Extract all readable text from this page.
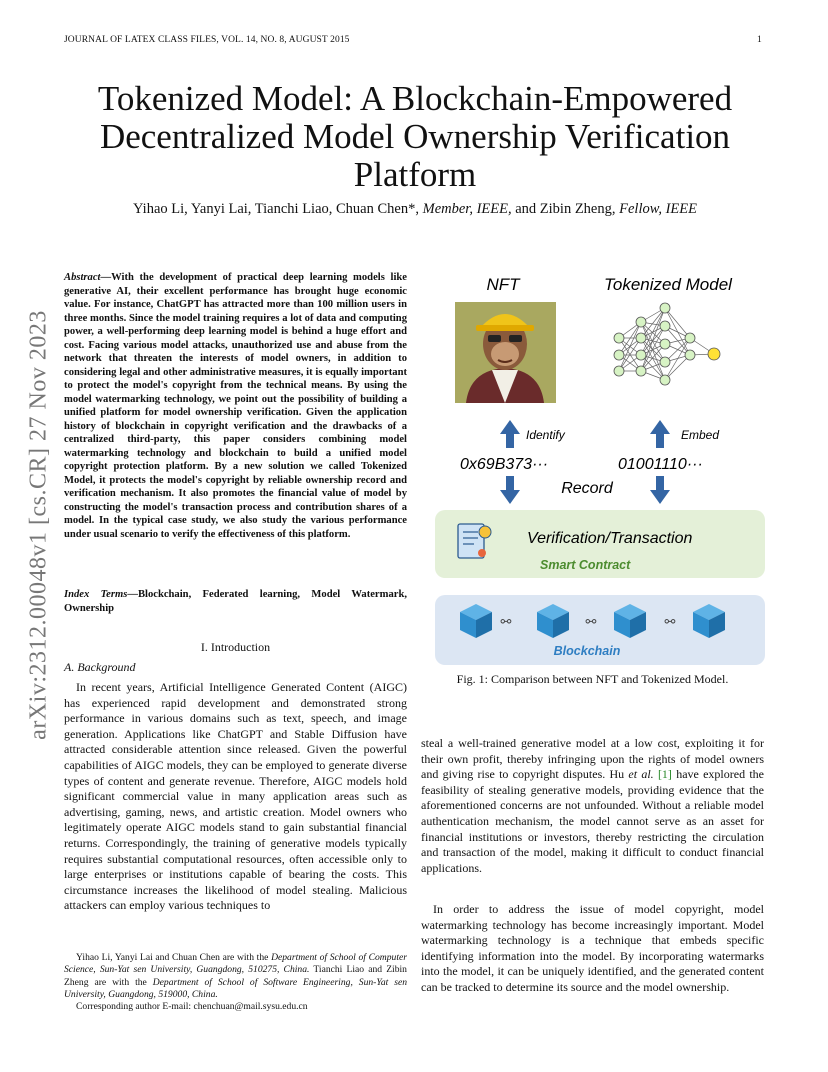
JOURNAL OF LATEX CLASS FILES, VOL. 14, NO. 8, AUGUST 2015	1
Tokenized Model: A Blockchain-Empowered Decentralized Model Ownership Verification Platform
Yihao Li, Yanyi Lai, Tianchi Liao, Chuan Chen*, Member, IEEE, and Zibin Zheng, Fellow, IEEE
arXiv:2312.00048v1 [cs.CR] 27 Nov 2023
Abstract—With the development of practical deep learning models like generative AI, their excellent performance has brought huge economic value. For instance, ChatGPT has attracted more than 100 million users in three months. Since the model training requires a lot of data and computing power, a well-performing deep learning model is behind a huge effort and cost. Facing various model attacks, unauthorized use and abuse from the network that threaten the interests of model owners, in addition to considering legal and other administrative measures, it is equally important to protect the model's copyright from the technical means. By using the model watermarking technology, we point out the possibility of building a unified platform for model ownership verification. Given the application history of blockchain in copyright verification and the drawbacks of a centralized third-party, this paper considers combining model watermarking technology and blockchain to build a unified model copyright protection platform. By a new solution we called Tokenized Model, it protects the model's copyright by reliable ownership record and verification mechanism. It also promotes the financial value of model by constructing the model's transaction process and contribution shares of a model. In the typical case study, we also study the various performance under usual scenario to verify the effectiveness of this platform.
Index Terms—Blockchain, Federated learning, Model Watermark, Ownership
I. Introduction
A. Background
In recent years, Artificial Intelligence Generated Content (AIGC) has experienced rapid development and demonstrated strong performance in various domains such as text, speech, and image generation. Applications like ChatGPT and Stable Diffusion have attracted considerable attention since released. Given the powerful capabilities of AIGC models, they can be employed to generate diverse types of content and generate revenue. Therefore, AIGC models hold significant commercial value in many application areas such as advertising, gaming, news, and artistic creation. Model owners who legitimately operate AIGC models stand to gain substantial financial returns. Correspondingly, the training of generative models typically requires substantial computational resources, often accessible only to large enterprises or institutions capable of bearing the costs. This circumstance increases the likelihood of model stealing. Malicious attackers can employ various techniques to
Yihao Li, Yanyi Lai and Chuan Chen are with the Department of School of Computer Science, Sun-Yat sen University, Guangdong, 510275, China. Tianchi Liao and Zibin Zheng are with the Department of School of Software Engineering, Sun-Yat sen University, Guangdong, 519000, China.
Corresponding author E-mail: chenchuan@mail.sysu.edu.cn
NFT	Tokenized Model
Identify	Embed
0x69B373···	01001110···
Record
Verification/Transaction
Smart Contract
⚯	⚯	⚯
Blockchain
Fig. 1: Comparison between NFT and Tokenized Model.
steal a well-trained generative model at a low cost, exploiting it for their own profit, thereby infringing upon the rights of model owners and giving rise to copyright disputes. Hu et al. [1] have explored the feasibility of stealing generative models, providing evidence that the aforementioned concerns are not unfounded. Without a reliable model authentication mechanism, the model cannot serve as an asset for financial institutions or investors, thereby restricting the circulation and transaction of the model, making it difficult to conduct financial applications.
In order to address the issue of model copyright, model watermarking technology has become increasingly important. Model watermarking technology is a technique that embeds specific identifying information into the model. By incorporating watermarks into the model, it can be uniquely identified, and the generated content can be tracked to determine its source and the model ownership.
